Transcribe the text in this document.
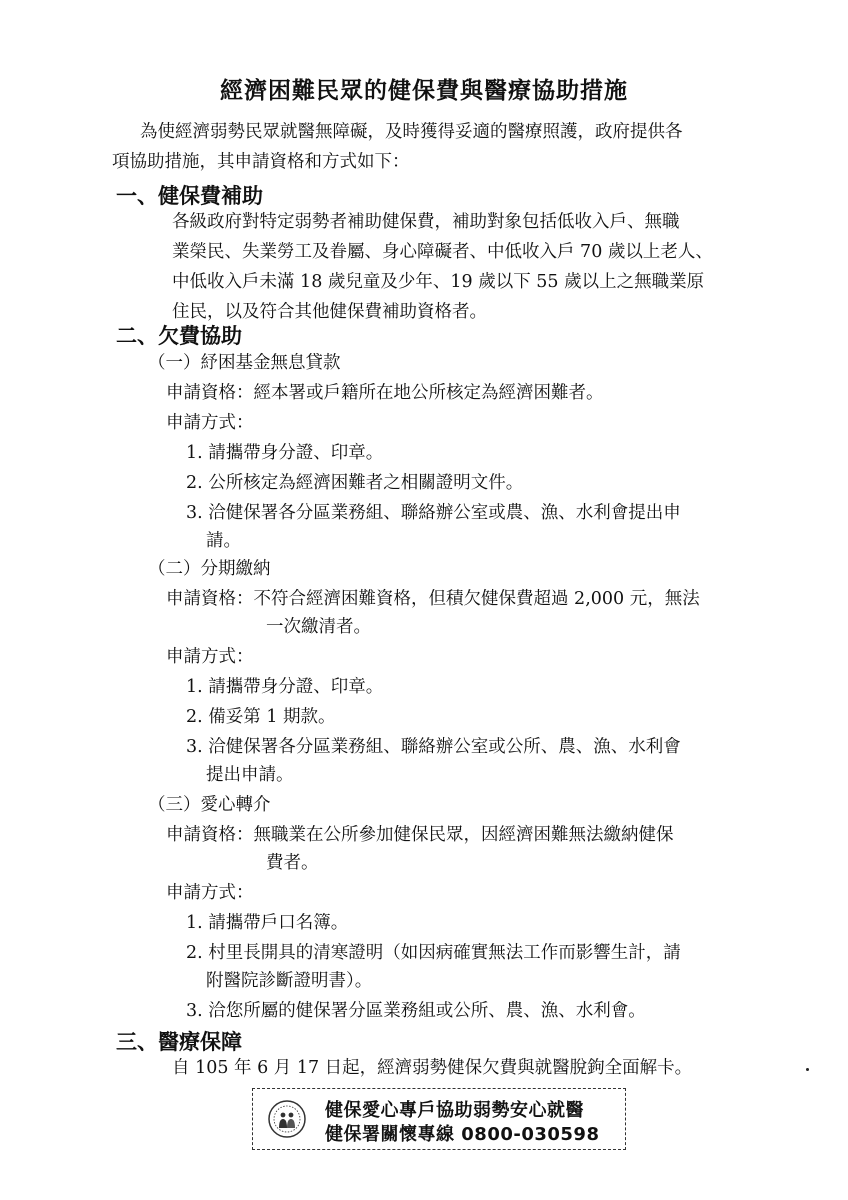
經濟困難民眾的健保費與醫療協助措施
為使經濟弱勢民眾就醫無障礙，及時獲得妥適的醫療照護，政府提供各
項協助措施，其申請資格和方式如下：
一、健保費補助
各級政府對特定弱勢者補助健保費，補助對象包括低收入戶、無職
業榮民、失業勞工及眷屬、身心障礙者、中低收入戶 70 歲以上老人、
中低收入戶未滿 18 歲兒童及少年、19 歲以下 55 歲以上之無職業原
住民，以及符合其他健保費補助資格者。
二、欠費協助
（一）紓困基金無息貸款
申請資格：經本署或戶籍所在地公所核定為經濟困難者。
申請方式：
1. 請攜帶身分證、印章。
2. 公所核定為經濟困難者之相關證明文件。
3. 洽健保署各分區業務組、聯絡辦公室或農、漁、水利會提出申
請。
（二）分期繳納
申請資格：不符合經濟困難資格，但積欠健保費超過 2,000 元，無法
一次繳清者。
申請方式：
1. 請攜帶身分證、印章。
2. 備妥第 1 期款。
3. 洽健保署各分區業務組、聯絡辦公室或公所、農、漁、水利會
提出申請。
（三）愛心轉介
申請資格：無職業在公所參加健保民眾，因經濟困難無法繳納健保
費者。
申請方式：
1. 請攜帶戶口名簿。
2. 村里長開具的清寒證明（如因病確實無法工作而影響生計，請
附醫院診斷證明書）。
3. 洽您所屬的健保署分區業務組或公所、農、漁、水利會。
三、醫療保障
自 105 年 6 月 17 日起，經濟弱勢健保欠費與就醫脫鉤全面解卡。
健保愛心專戶協助弱勢安心就醫
健保署關懷專線 0800-030598
